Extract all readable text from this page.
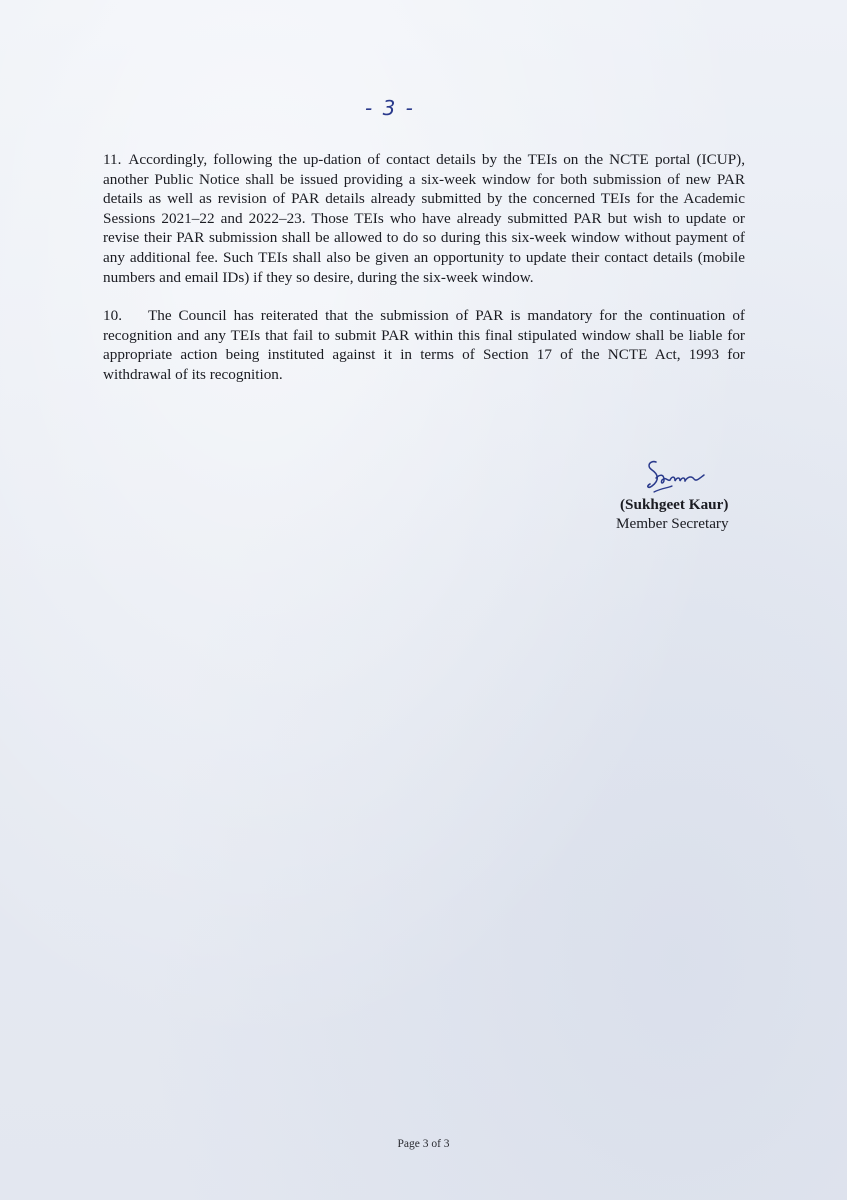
- 3 -

11. Accordingly, following the up-dation of contact details by the TEIs on the NCTE portal (ICUP), another Public Notice shall be issued providing a six-week window for both submission of new PAR details as well as revision of PAR details already submitted by the concerned TEIs for the Academic Sessions 2021–22 and 2022–23. Those TEIs who have already submitted PAR but wish to update or revise their PAR submission shall be allowed to do so during this six-week window without payment of any additional fee. Such TEIs shall also be given an opportunity to update their contact details (mobile numbers and email IDs) if they so desire, during the six-week window.

10. The Council has reiterated that the submission of PAR is mandatory for the continuation of recognition and any TEIs that fail to submit PAR within this final stipulated window shall be liable for appropriate action being instituted against it in terms of Section 17 of the NCTE Act, 1993 for withdrawal of its recognition.

(Sukhgeet Kaur)
Member Secretary
Page 3 of 3
